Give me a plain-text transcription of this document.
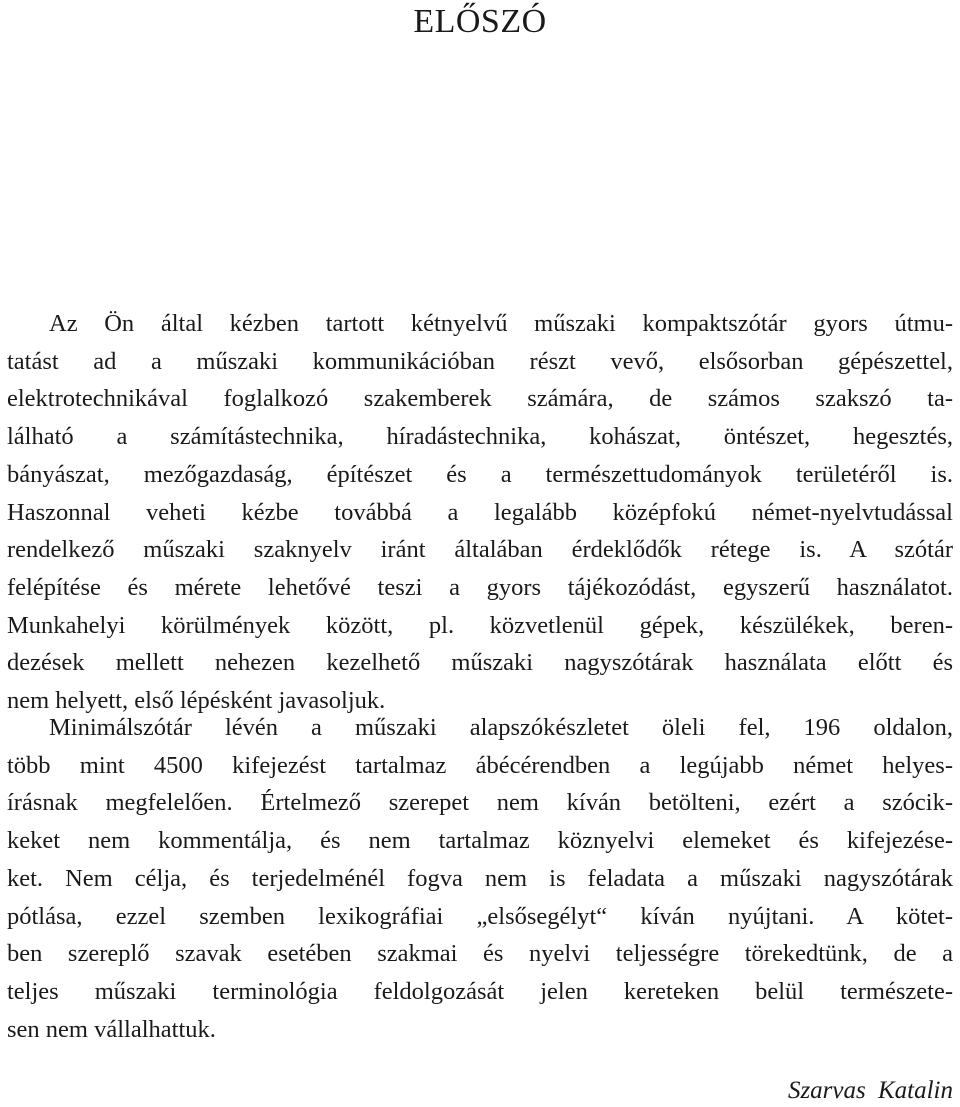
ELŐSZÓ
Az Ön által kézben tartott kétnyelvű műszaki kompaktszótár gyors útmu-
tatást ad a műszaki kommunikációban részt vevő, elsősorban gépészettel,
elektrotechnikával foglalkozó szakemberek számára, de számos szakszó ta-
lálható a számítástechnika, híradástechnika, kohászat, öntészet, hegesztés,
bányászat, mezőgazdaság, építészet és a természettudományok területéről is.
Haszonnal veheti kézbe továbbá a legalább középfokú német-nyelvtudással
rendelkező műszaki szaknyelv iránt általában érdeklődők rétege is. A szótár
felépítése és mérete lehetővé teszi a gyors tájékozódást, egyszerű használatot.
Munkahelyi körülmények között, pl. közvetlenül gépek, készülékek, beren-
dezések mellett nehezen kezelhető műszaki nagyszótárak használata előtt és
nem helyett, első lépésként javasoljuk.
Minimálszótár lévén a műszaki alapszókészletet öleli fel, 196 oldalon,
több mint 4500 kifejezést tartalmaz ábécérendben a legújabb német helyes-
írásnak megfelelően. Értelmező szerepet nem kíván betölteni, ezért a szócik-
keket nem kommentálja, és nem tartalmaz köznyelvi elemeket és kifejezése-
ket. Nem célja, és terjedelménél fogva nem is feladata a műszaki nagyszótárak
pótlása, ezzel szemben lexikográfiai „elsősegélyt“ kíván nyújtani. A kötet-
ben szereplő szavak esetében szakmai és nyelvi teljességre törekedtünk, de a
teljes műszaki terminológia feldolgozását jelen kereteken belül természete-
sen nem vállalhattuk.
Szarvas Katalin
